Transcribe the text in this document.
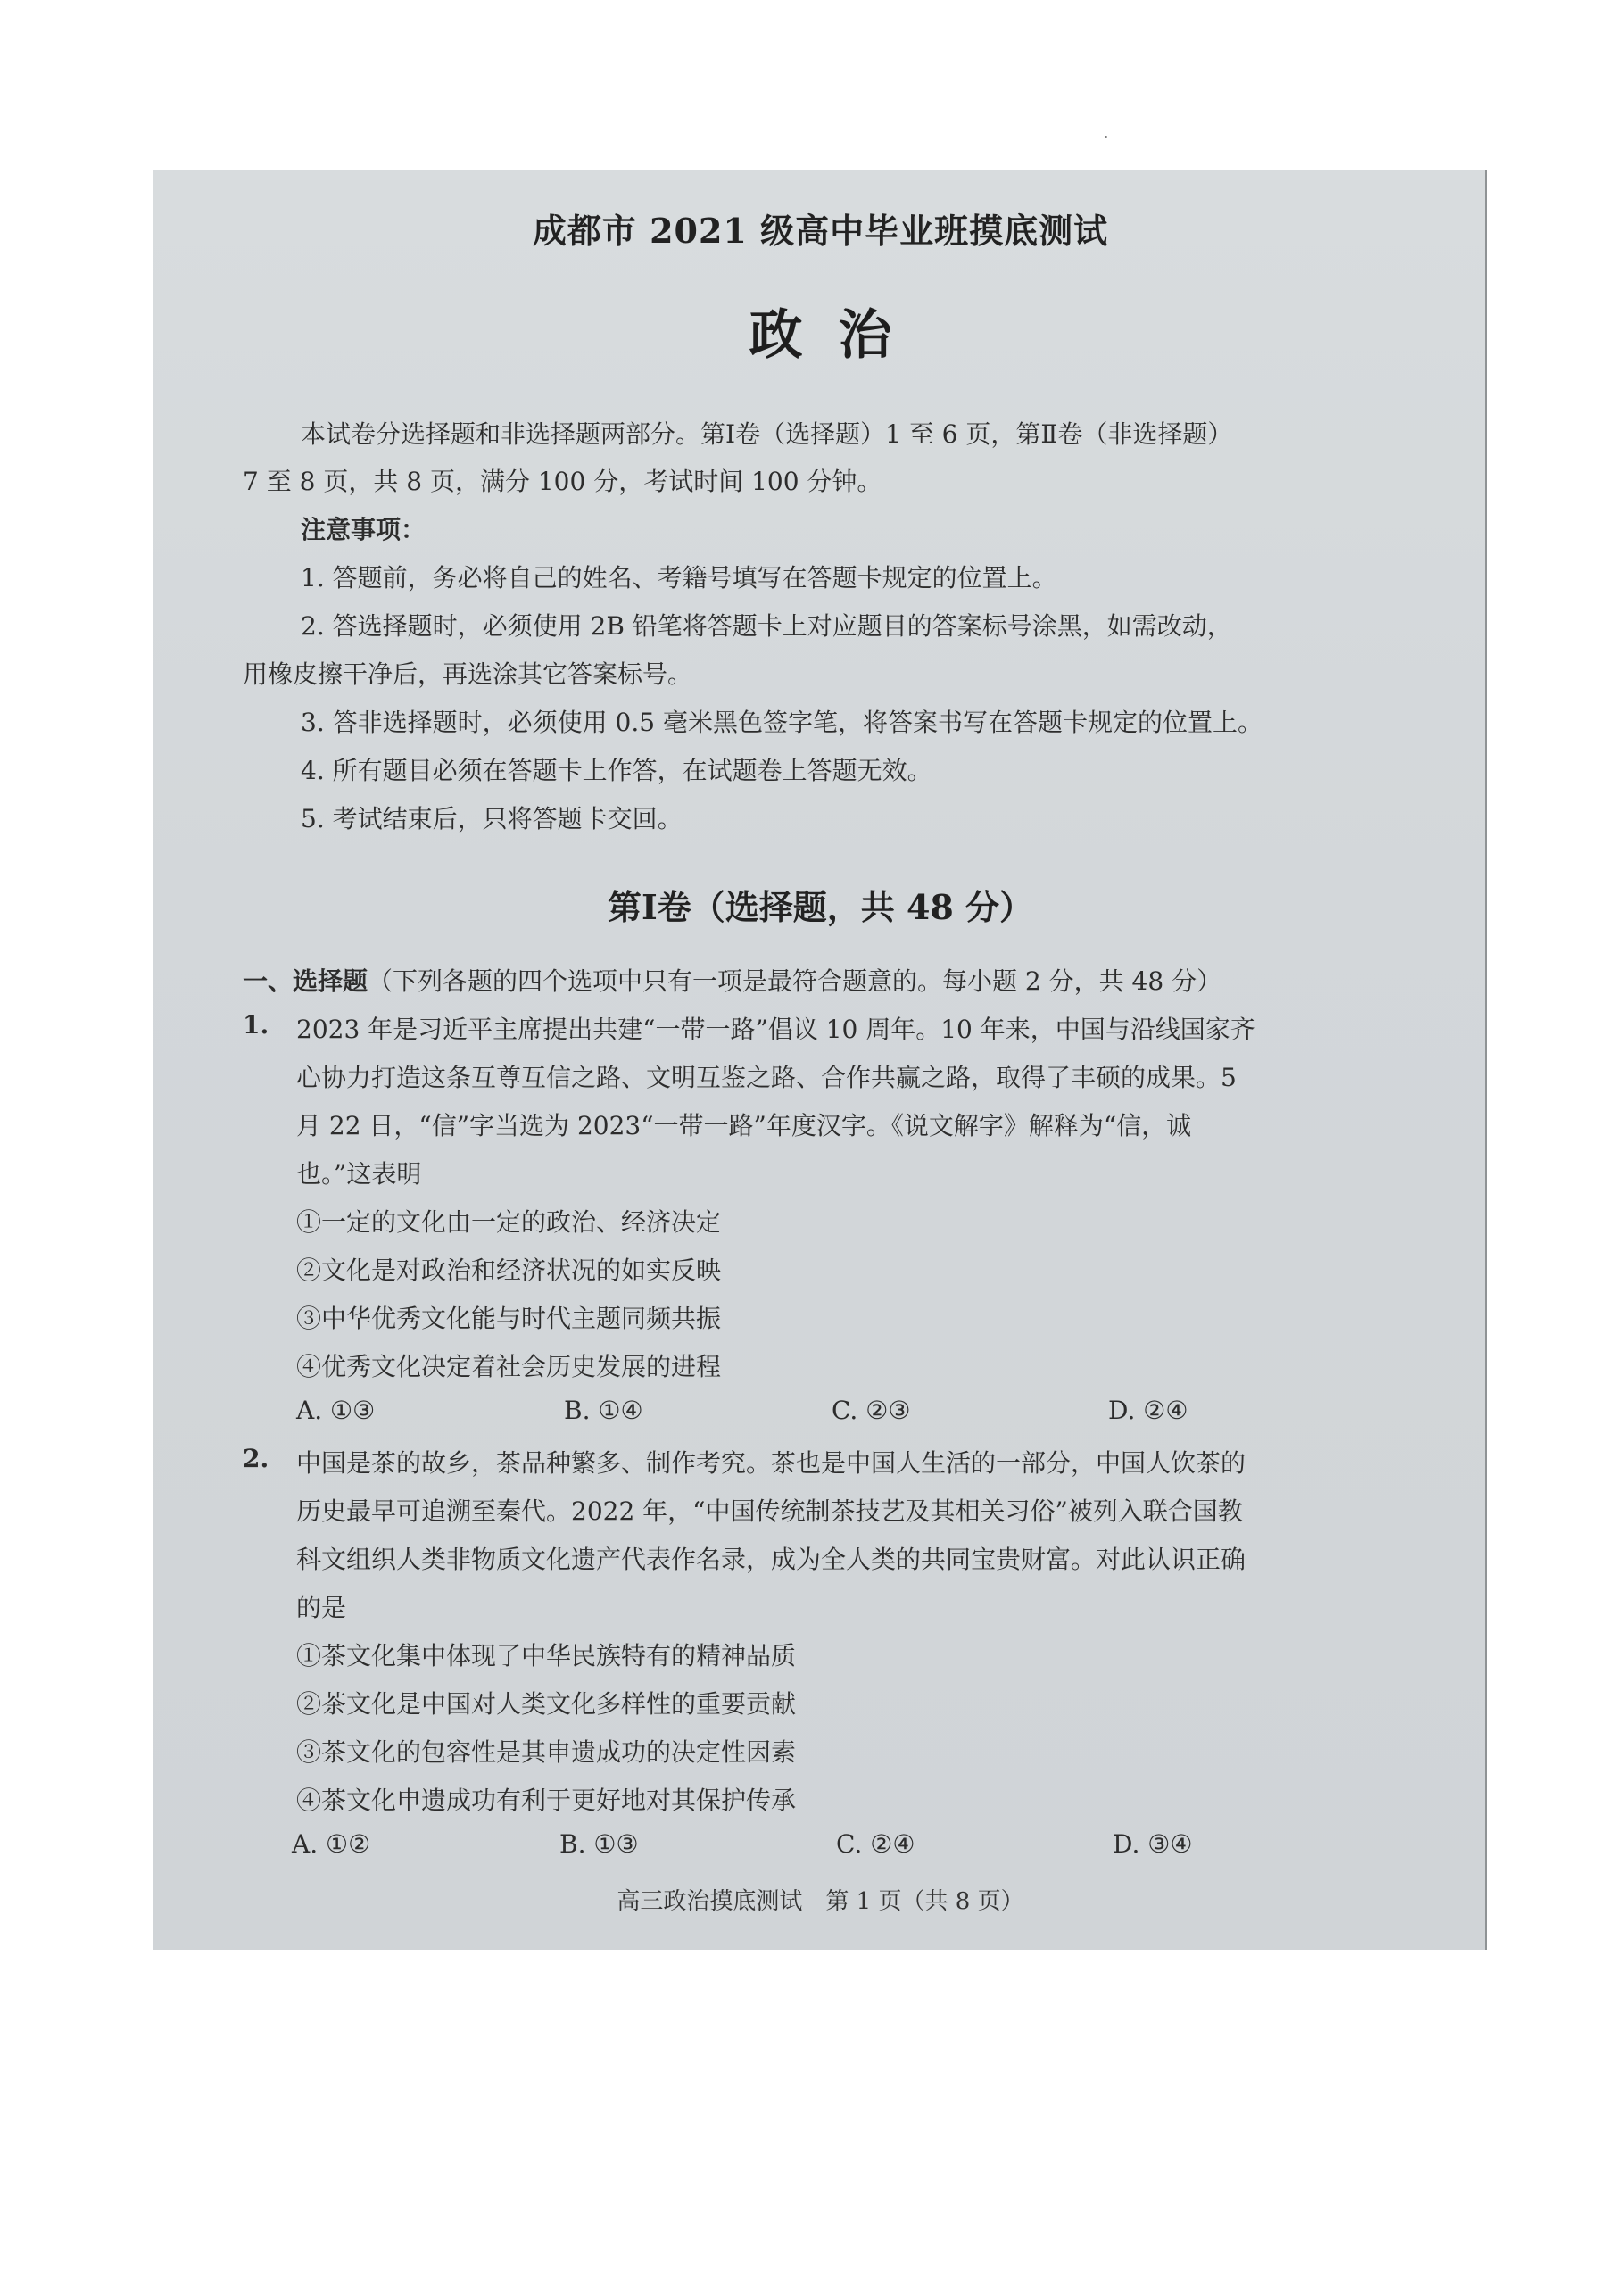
成都市 2021 级高中毕业班摸底测试
政治
本试卷分选择题和非选择题两部分。第Ⅰ卷（选择题）1 至 6 页，第Ⅱ卷（非选择题）
7 至 8 页，共 8 页，满分 100 分，考试时间 100 分钟。
注意事项：
1. 答题前，务必将自己的姓名、考籍号填写在答题卡规定的位置上。
2. 答选择题时，必须使用 2B 铅笔将答题卡上对应题目的答案标号涂黑，如需改动，
用橡皮擦干净后，再选涂其它答案标号。
3. 答非选择题时，必须使用 0.5 毫米黑色签字笔，将答案书写在答题卡规定的位置上。
4. 所有题目必须在答题卡上作答，在试题卷上答题无效。
5. 考试结束后，只将答题卡交回。
第Ⅰ卷（选择题，共 48 分）
一、选择题（下列各题的四个选项中只有一项是最符合题意的。每小题 2 分，共 48 分）
1. 2023 年是习近平主席提出共建“一带一路”倡议 10 周年。10 年来，中国与沿线国家齐
心协力打造这条互尊互信之路、文明互鉴之路、合作共赢之路，取得了丰硕的成果。5
月 22 日，“信”字当选为 2023“一带一路”年度汉字。《说文解字》解释为“信，诚
也。”这表明
①一定的文化由一定的政治、经济决定
②文化是对政治和经济状况的如实反映
③中华优秀文化能与时代主题同频共振
④优秀文化决定着社会历史发展的进程
A. ①③	B. ①④	C. ②③	D. ②④
2. 中国是茶的故乡，茶品种繁多、制作考究。茶也是中国人生活的一部分，中国人饮茶的
历史最早可追溯至秦代。2022 年，“中国传统制茶技艺及其相关习俗”被列入联合国教
科文组织人类非物质文化遗产代表作名录，成为全人类的共同宝贵财富。对此认识正确
的是
①茶文化集中体现了中华民族特有的精神品质
②茶文化是中国对人类文化多样性的重要贡献
③茶文化的包容性是其申遗成功的决定性因素
④茶文化申遗成功有利于更好地对其保护传承
A. ①②	B. ①③	C. ②④	D. ③④
高三政治摸底测试　第 1 页（共 8 页）
